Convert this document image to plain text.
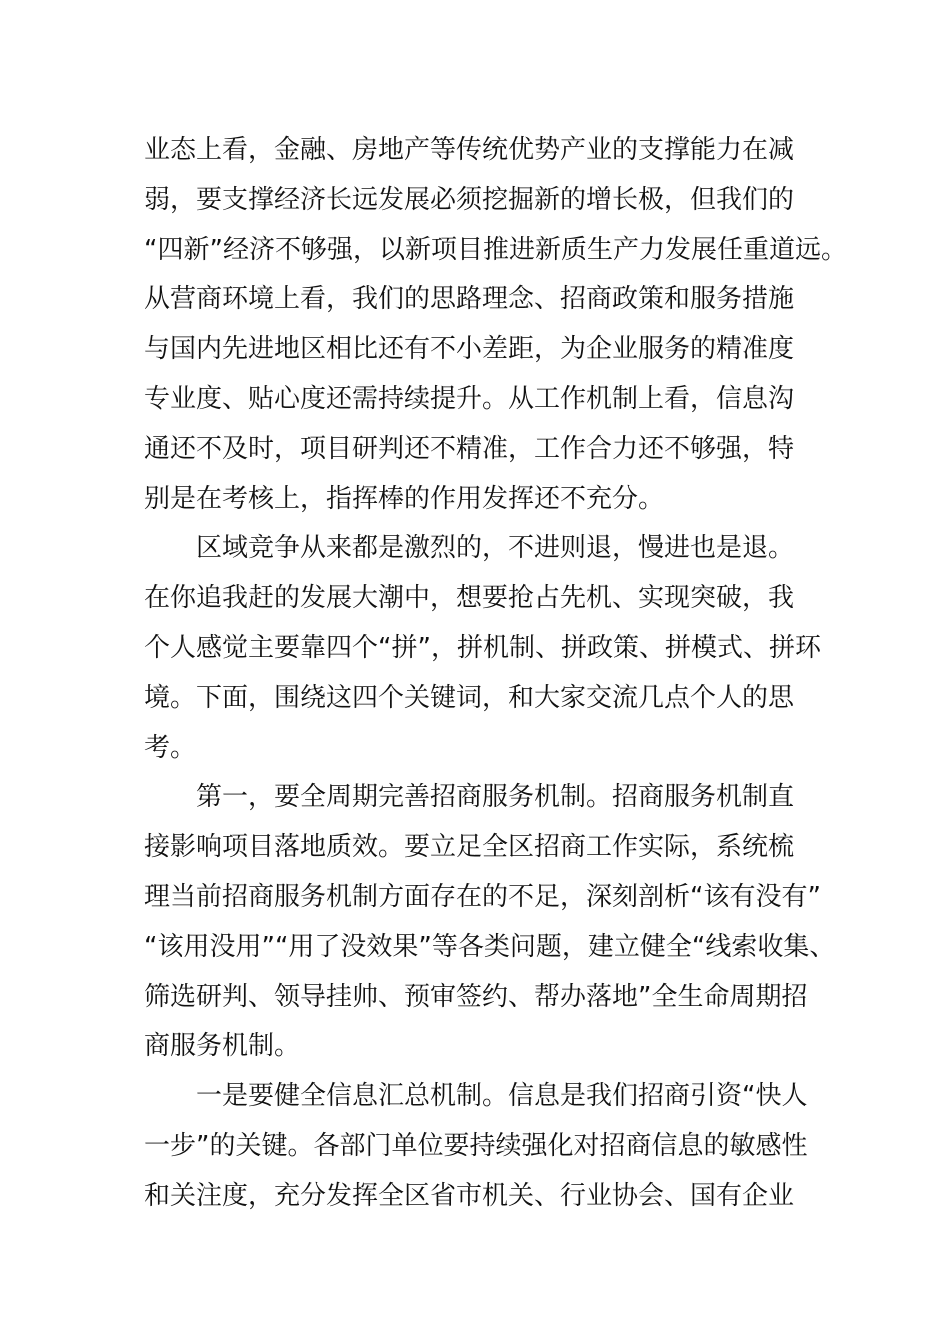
业态上看，金融、房地产等传统优势产业的支撑能力在减
弱，要支撑经济长远发展必须挖掘新的增长极，但我们的
“四新”经济不够强，以新项目推进新质生产力发展任重道远。
从营商环境上看，我们的思路理念、招商政策和服务措施
与国内先进地区相比还有不小差距，为企业服务的精准度
专业度、贴心度还需持续提升。从工作机制上看，信息沟
通还不及时，项目研判还不精准，工作合力还不够强，特
别是在考核上，指挥棒的作用发挥还不充分。
区域竞争从来都是激烈的，不进则退，慢进也是退。
在你追我赶的发展大潮中，想要抢占先机、实现突破，我
个人感觉主要靠四个“拼”，拼机制、拼政策、拼模式、拼环
境。下面，围绕这四个关键词，和大家交流几点个人的思
考。
第一，要全周期完善招商服务机制。招商服务机制直
接影响项目落地质效。要立足全区招商工作实际，系统梳
理当前招商服务机制方面存在的不足，深刻剖析“该有没有”
“该用没用”“用了没效果”等各类问题，建立健全“线索收集、
筛选研判、领导挂帅、预审签约、帮办落地”全生命周期招
商服务机制。
一是要健全信息汇总机制。信息是我们招商引资“快人
一步”的关键。各部门单位要持续强化对招商信息的敏感性
和关注度，充分发挥全区省市机关、行业协会、国有企业
